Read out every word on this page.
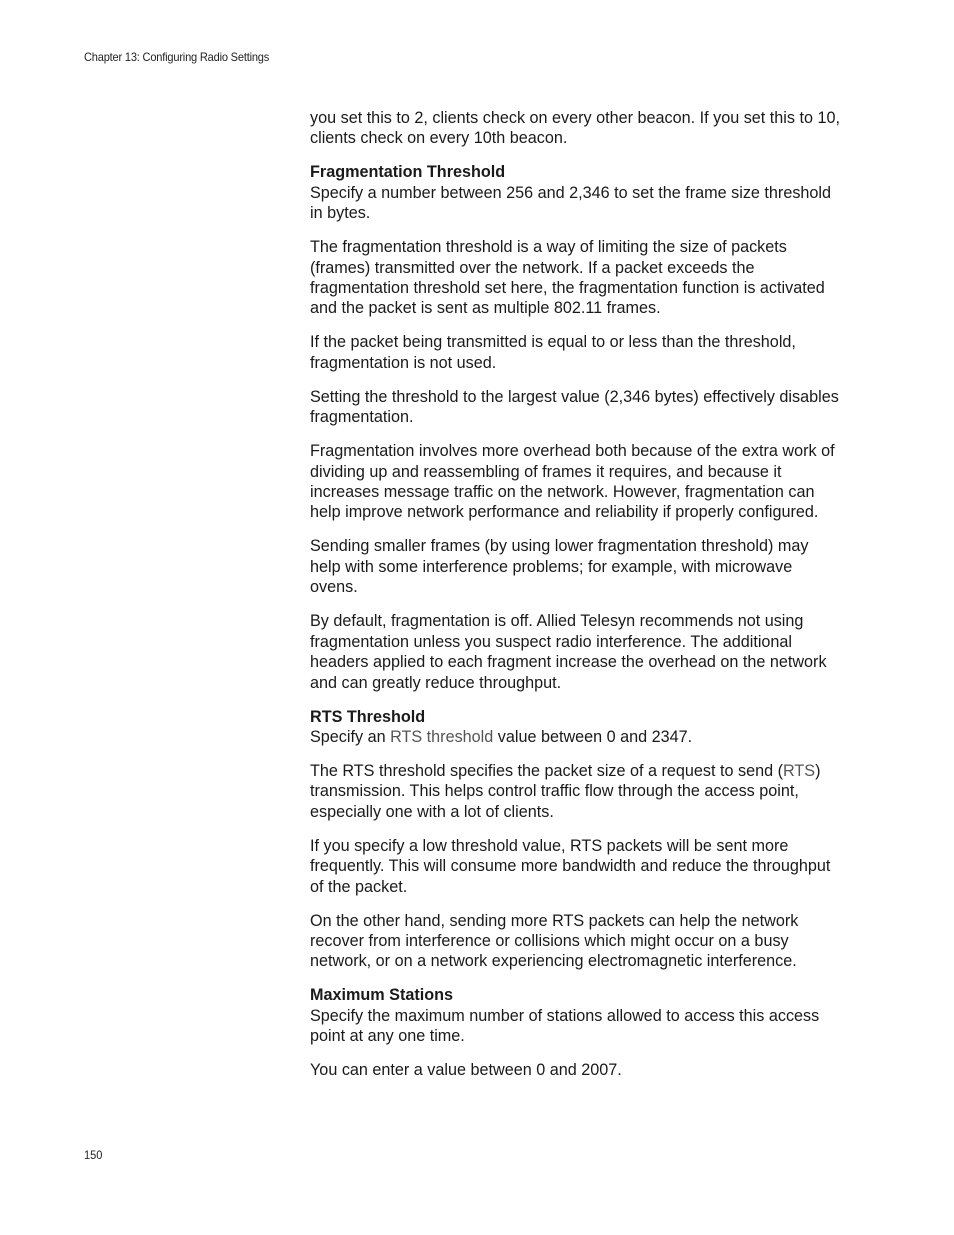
Chapter 13: Configuring Radio Settings

you set this to 2, clients check on every other beacon. If you set this to 10, clients check on every 10th beacon.

Fragmentation Threshold

Specify a number between 256 and 2,346 to set the frame size threshold in bytes.

The fragmentation threshold is a way of limiting the size of packets (frames) transmitted over the network. If a packet exceeds the fragmentation threshold set here, the fragmentation function is activated and the packet is sent as multiple 802.11 frames.

If the packet being transmitted is equal to or less than the threshold, fragmentation is not used.

Setting the threshold to the largest value (2,346 bytes) effectively disables fragmentation.

Fragmentation involves more overhead both because of the extra work of dividing up and reassembling of frames it requires, and because it increases message traffic on the network. However, fragmentation can help improve network performance and reliability if properly configured.

Sending smaller frames (by using lower fragmentation threshold) may help with some interference problems; for example, with microwave ovens.

By default, fragmentation is off. Allied Telesyn recommends not using fragmentation unless you suspect radio interference. The additional headers applied to each fragment increase the overhead on the network and can greatly reduce throughput.

RTS Threshold

Specify an RTS threshold value between 0 and 2347.

The RTS threshold specifies the packet size of a request to send (RTS) transmission. This helps control traffic flow through the access point, especially one with a lot of clients.

If you specify a low threshold value, RTS packets will be sent more frequently. This will consume more bandwidth and reduce the throughput of the packet.

On the other hand, sending more RTS packets can help the network recover from interference or collisions which might occur on a busy network, or on a network experiencing electromagnetic interference.

Maximum Stations

Specify the maximum number of stations allowed to access this access point at any one time.

You can enter a value between 0 and 2007.

150
